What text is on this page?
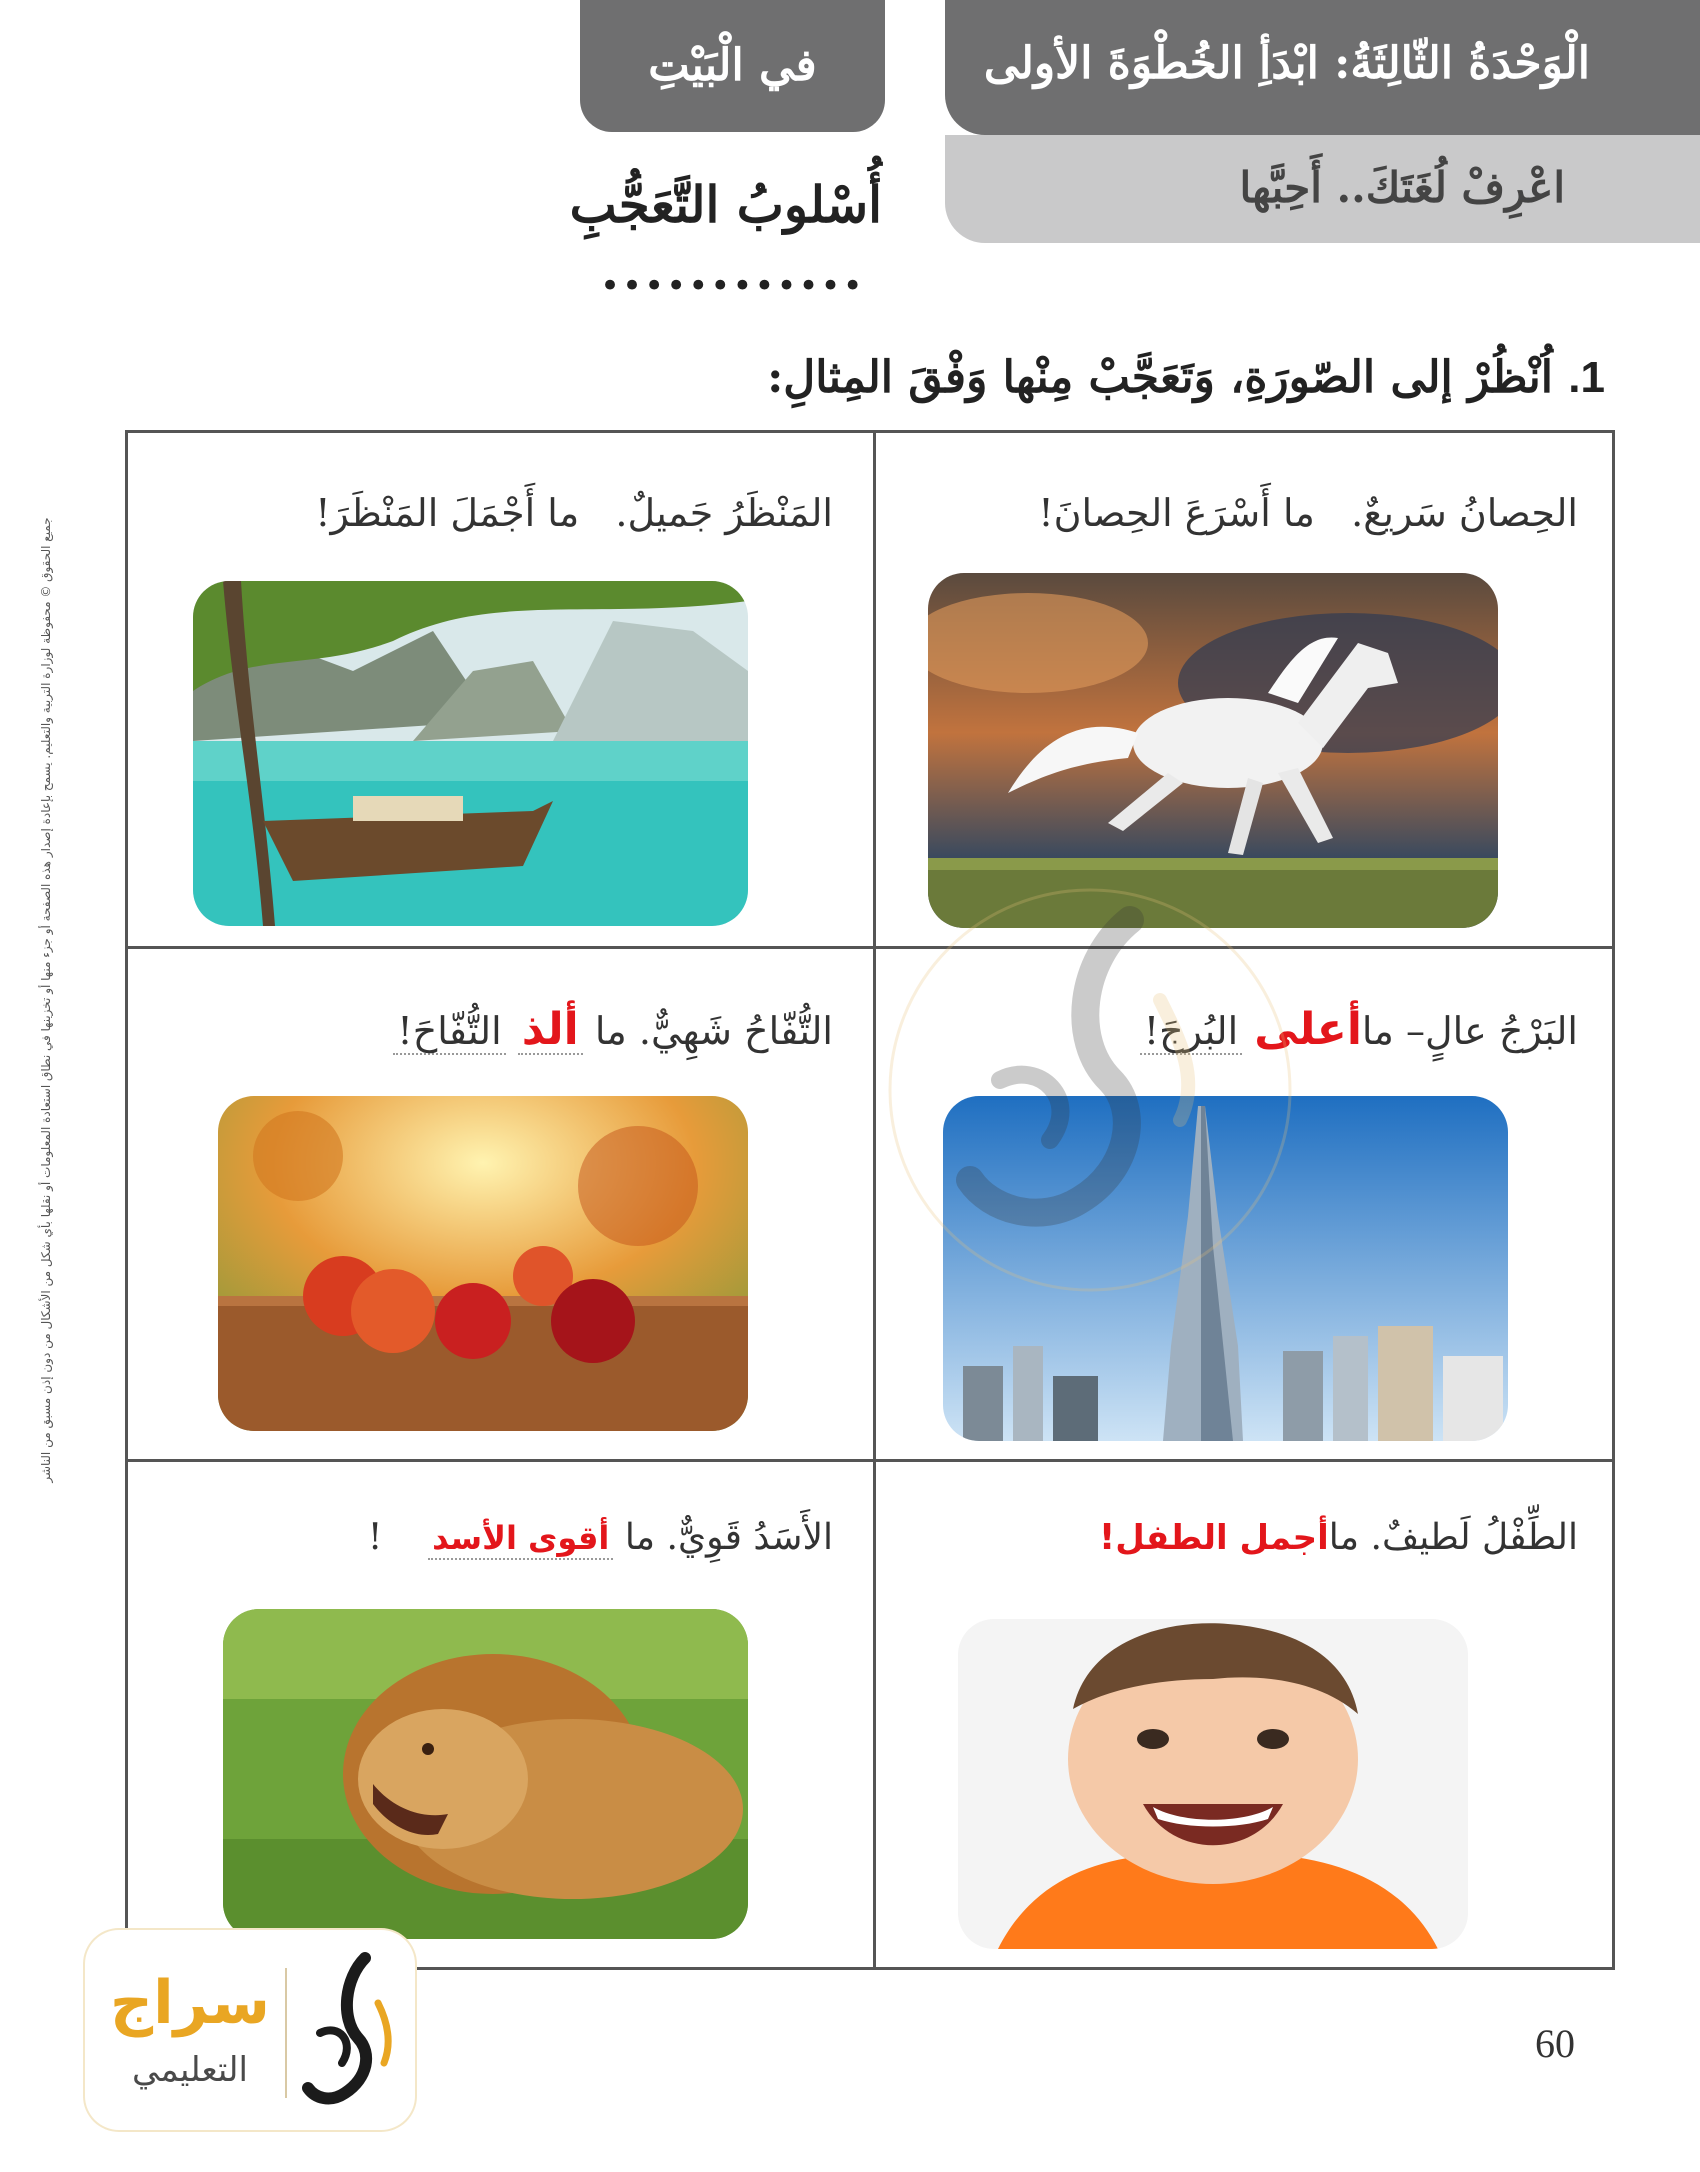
الْوَحْدَةُ الثّالِثَةُ: ابْدَأِ الخُطْوَةَ الأولى
اعْرِفْ لُغَتَكَ.. أَحِبَّها
في الْبَيْتِ
أُسْلوبُ التَّعَجُّبِ
••••••••••••
1. اُنْظُرْ إلى الصّورَةِ، وَتَعَجَّبْ مِنْها وَفْقَ المِثالِ:
جميع الحقوق © محفوظة لوزارة التربية والتعليم. يسمح بإعادة إصدار هذه الصفحة أو جزء منها أو تخزينها في نطاق استعادة المعلومات أو نقلها بأي شكل من الأشكال من دون إذن مسبق من الناشر
الحِصانُ سَريعٌ.   ما أَسْرَعَ الحِصانَ!
المَنْظَرُ جَميلٌ.   ما أَجْمَلَ المَنْظَرَ!
البَرْجُ عالٍ– ماأعلى البُرجَ!
التُّفّاحُ شَهِيٌّ. ما ألذ التُّفّاحَ!
الطِّفْلُ لَطيفٌ. ماأجمل الطفل!
الأَسَدُ قَوِيٌّ. ما أقوى الأسد    !
سراج
التعليمي
60
